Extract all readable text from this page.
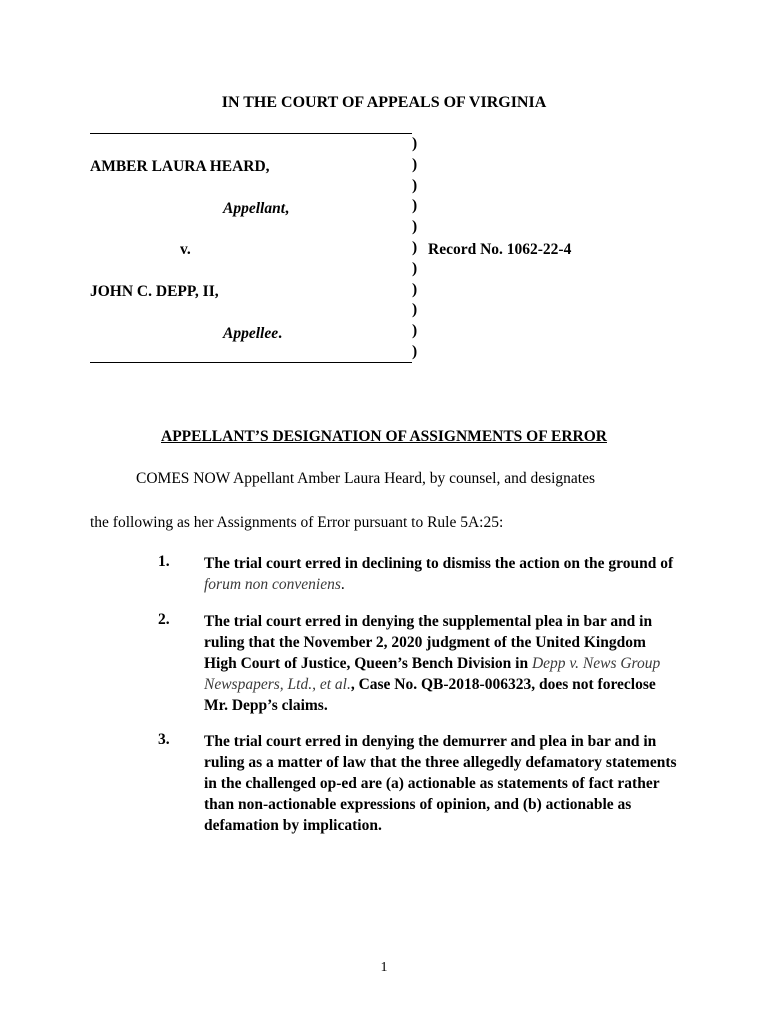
IN THE COURT OF APPEALS OF VIRGINIA
AMBER LAURA HEARD,
Appellant,
v.
JOHN C. DEPP, II,
Appellee.
)
)
)
)
)
)
)
)
)
)
)
Record No. 1062-22-4
APPELLANT’S DESIGNATION OF ASSIGNMENTS OF ERROR
COMES NOW Appellant Amber Laura Heard, by counsel, and designates
the following as her Assignments of Error pursuant to Rule 5A:25:
1. The trial court erred in declining to dismiss the action on the ground of forum non conveniens.
2. The trial court erred in denying the supplemental plea in bar and in ruling that the November 2, 2020 judgment of the United Kingdom High Court of Justice, Queen’s Bench Division in Depp v. News Group Newspapers, Ltd., et al., Case No. QB-2018-006323, does not foreclose Mr. Depp’s claims.
3. The trial court erred in denying the demurrer and plea in bar and in ruling as a matter of law that the three allegedly defamatory statements in the challenged op-ed are (a) actionable as statements of fact rather than non-actionable expressions of opinion, and (b) actionable as defamation by implication.
1
